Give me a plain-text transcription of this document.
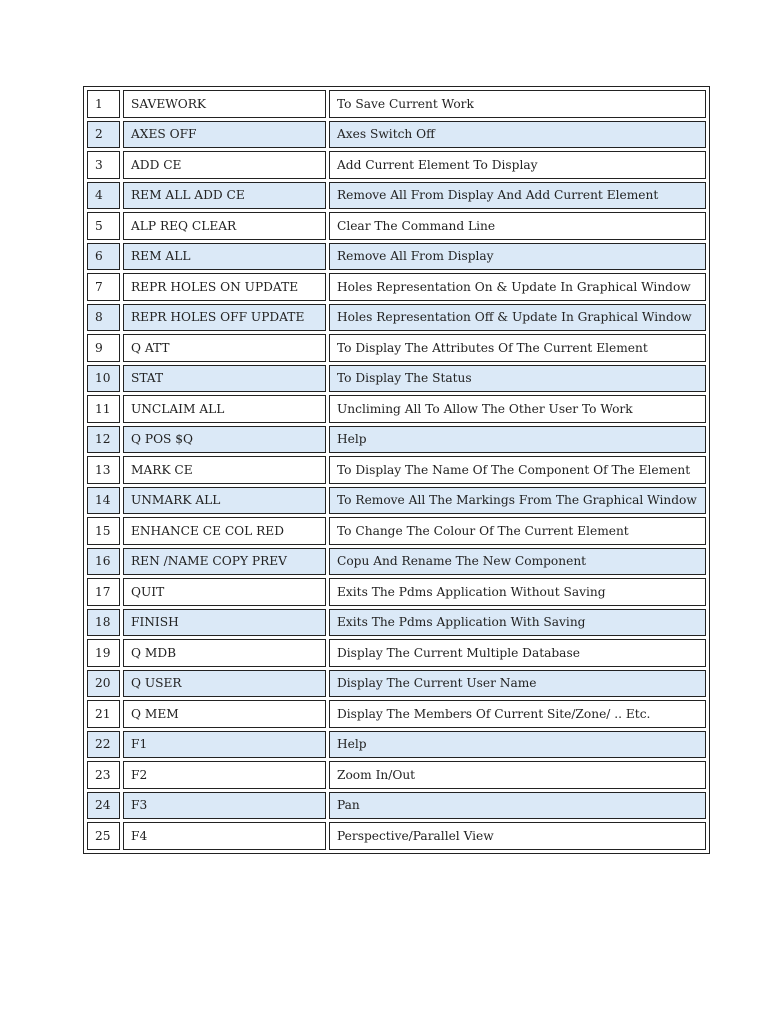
1	SAVEWORK	To Save Current Work
2	AXES OFF	Axes Switch Off
3	ADD CE	Add Current Element To Display
4	REM ALL ADD CE	Remove All From Display And Add Current Element
5	ALP REQ CLEAR	Clear The Command Line
6	REM ALL	Remove All From Display
7	REPR HOLES ON UPDATE	Holes Representation On & Update In Graphical Window
8	REPR HOLES OFF UPDATE	Holes Representation Off & Update In Graphical Window
9	Q ATT	To Display The Attributes Of The Current Element
10	STAT	To Display The Status
11	UNCLAIM ALL	Uncliming All To Allow The Other User To Work
12	Q POS $Q	Help
13	MARK CE	To Display The Name Of The Component Of The Element
14	UNMARK ALL	To Remove All The Markings From The Graphical Window
15	ENHANCE CE COL RED	To Change The Colour Of The Current Element
16	REN /NAME COPY PREV	Copu And Rename The New Component
17	QUIT	Exits The Pdms Application Without Saving
18	FINISH	Exits The Pdms Application With Saving
19	Q MDB	Display The Current Multiple Database
20	Q USER	Display The Current User Name
21	Q MEM	Display The Members Of Current Site/Zone/ .. Etc.
22	F1	Help
23	F2	Zoom In/Out
24	F3	Pan
25	F4	Perspective/Parallel View
